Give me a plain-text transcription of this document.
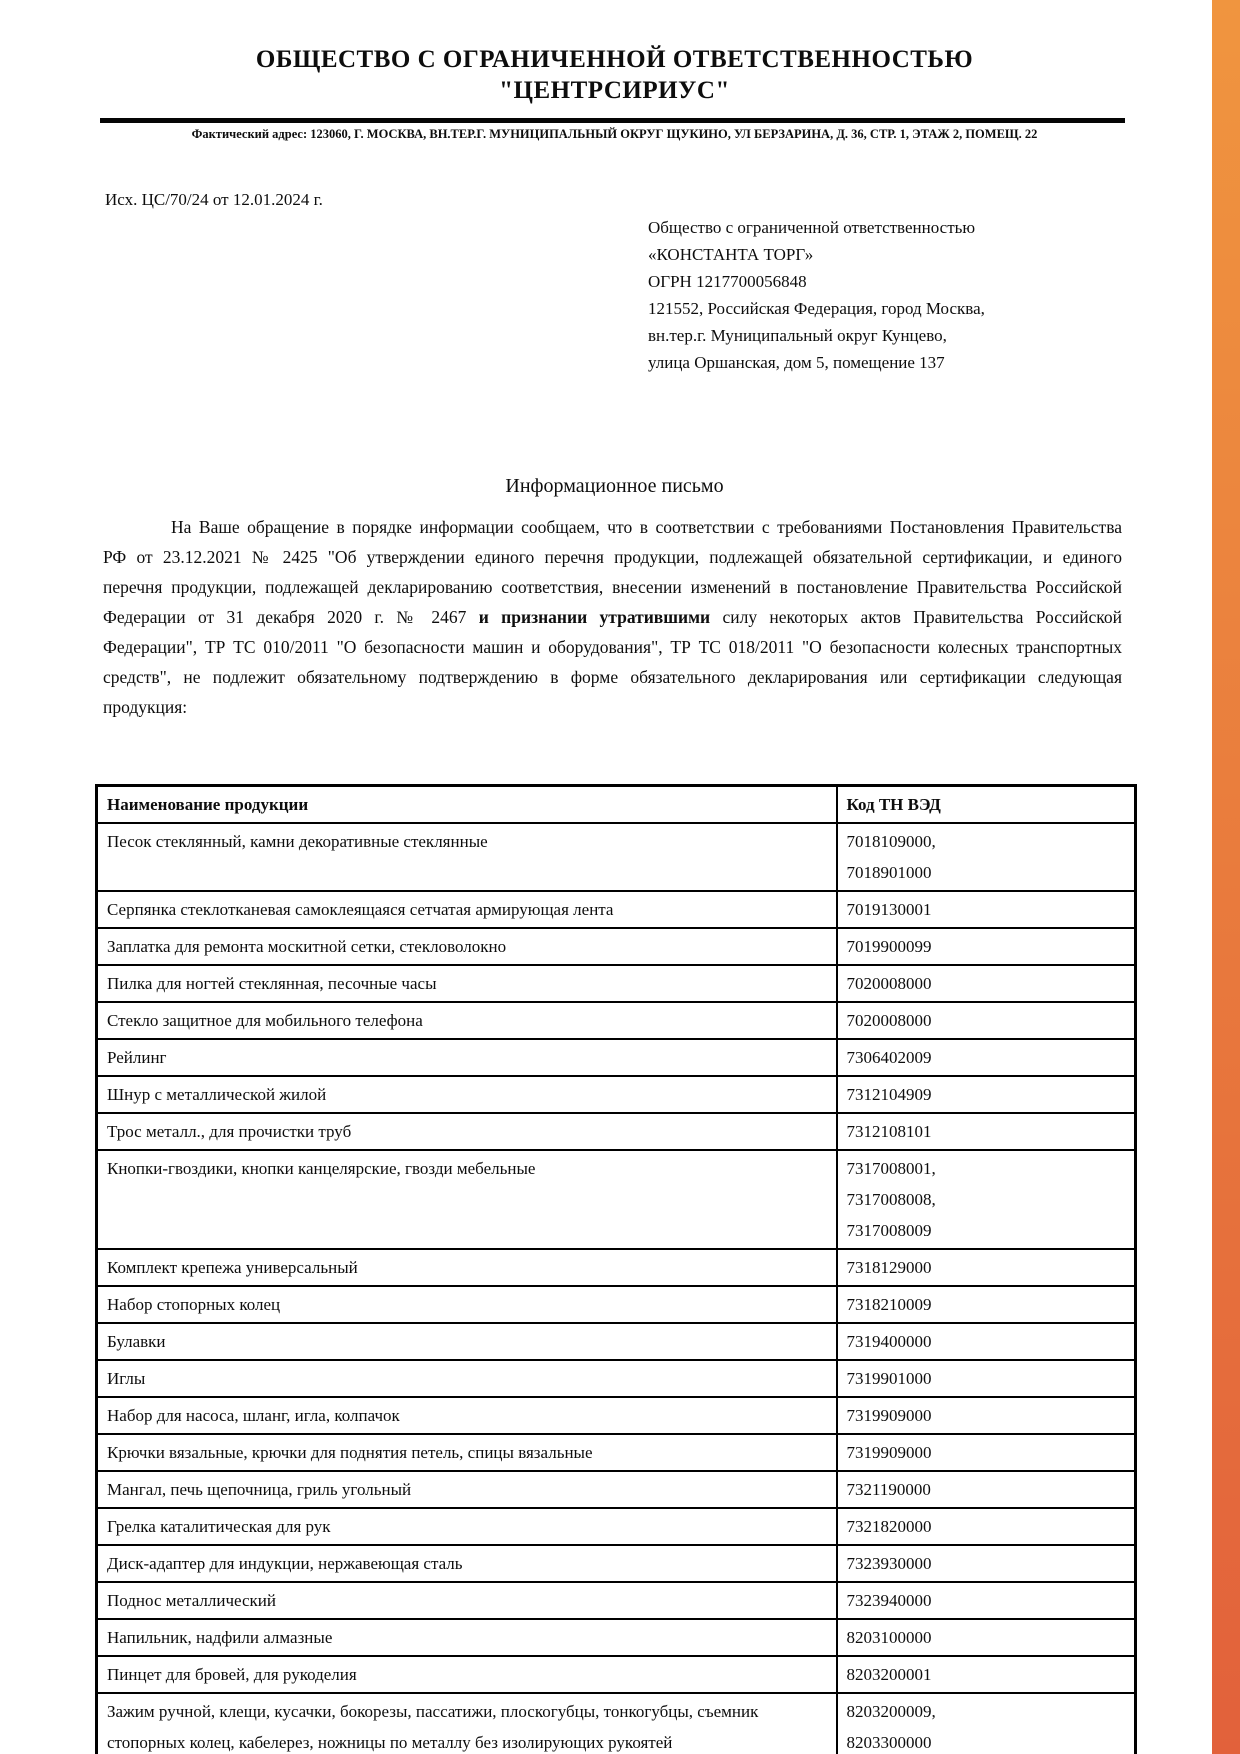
ОБЩЕСТВО С ОГРАНИЧЕННОЙ ОТВЕТСТВЕННОСТЬЮ
"ЦЕНТРСИРИУС"
Фактический адрес: 123060, Г. МОСКВА, ВН.ТЕР.Г. МУНИЦИПАЛЬНЫЙ ОКРУГ ЩУКИНО, УЛ БЕРЗАРИНА, Д. 36, СТР. 1, ЭТАЖ 2, ПОМЕЩ. 22
Исх. ЦС/70/24 от 12.01.2024 г.
Общество с ограниченной ответственностью
«КОНСТАНТА ТОРГ»
ОГРН 1217700056848
121552, Российская Федерация, город Москва,
вн.тер.г. Муниципальный округ Кунцево,
улица Оршанская, дом 5, помещение 137
Информационное письмо

На Ваше обращение в порядке информации сообщаем, что в соответствии с требованиями Постановления Правительства РФ от 23.12.2021 № 2425 "Об утверждении единого перечня продукции, подлежащей обязательной сертификации, и единого перечня продукции, подлежащей декларированию соответствия, внесении изменений в постановление Правительства Российской Федерации от 31 декабря 2020 г. № 2467 и признании утратившими силу некоторых актов Правительства Российской Федерации", ТР ТС 010/2011 "О безопасности машин и оборудования", ТР ТС 018/2011 "О безопасности колесных транспортных средств", не подлежит обязательному подтверждению в форме обязательного декларирования или сертификации следующая продукция:

Наименование продукции	Код ТН ВЭД
Песок стеклянный, камни декоративные стеклянные	7018109000,
7018901000

Серпянка стеклотканевая самоклеящаяся сетчатая армирующая лента	7019130001

Заплатка для ремонта москитной сетки, стекловолокно	7019900099

Пилка для ногтей стеклянная, песочные часы	7020008000

Стекло защитное для мобильного телефона	7020008000

Рейлинг	7306402009

Шнур с металлической жилой	7312104909

Трос металл., для прочистки труб	7312108101

Кнопки-гвоздики, кнопки канцелярские, гвозди мебельные	7317008001,
7317008008,
7317008009

Комплект крепежа универсальный	7318129000

Набор стопорных колец	7318210009

Булавки	7319400000

Иглы	7319901000

Набор для насоса, шланг, игла, колпачок	7319909000

Крючки вязальные, крючки для поднятия петель, спицы вязальные	7319909000

Мангал, печь щепочница, гриль угольный	7321190000

Грелка каталитическая для рук	7321820000

Диск-адаптер для индукции, нержавеющая сталь	7323930000

Поднос металлический	7323940000

Напильник, надфили алмазные	8203100000

Пинцет для бровей, для рукоделия	8203200001

Зажим ручной, клещи, кусачки, бокорезы, пассатижи, плоскогубцы, тонкогубцы, съемник стопорных колец, кабелерез, ножницы по металлу без изолирующих рукоятей	8203200009,
8203300000
